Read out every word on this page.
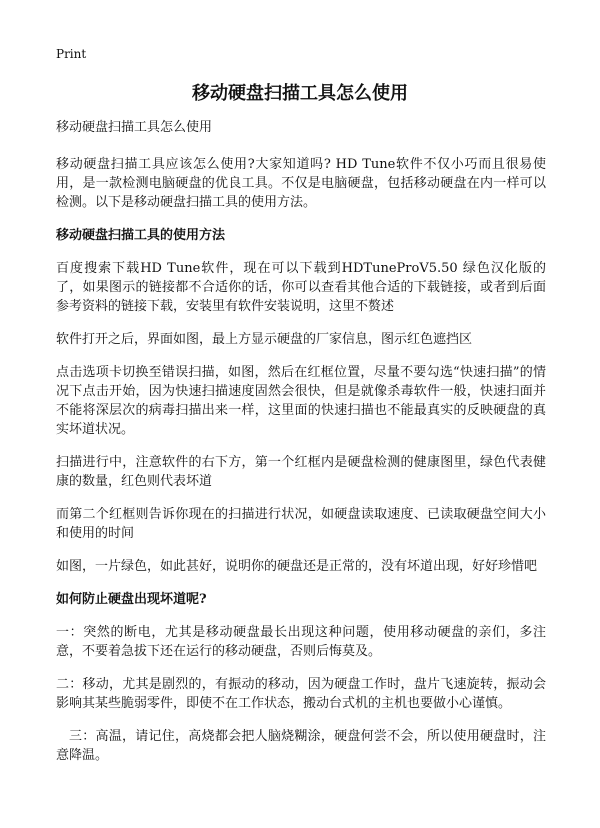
Print
移动硬盘扫描工具怎么使用

移动硬盘扫描工具怎么使用

移动硬盘扫描工具应该怎么使用?大家知道吗? HD Tune软件不仅小巧而且很易使用，是一款检测电脑硬盘的优良工具。不仅是电脑硬盘，包括移动硬盘在内一样可以检测。以下是移动硬盘扫描工具的使用方法。

移动硬盘扫描工具的使用方法

百度搜索下载HD Tune软件，现在可以下载到HDTuneProV5.50 绿色汉化版的了，如果图示的链接都不合适你的话，你可以查看其他合适的下载链接，或者到后面参考资料的链接下载，安装里有软件安装说明，这里不赘述

软件打开之后，界面如图，最上方显示硬盘的厂家信息，图示红色遮挡区

点击选项卡切换至错误扫描，如图，然后在红框位置，尽量不要勾选“快速扫描”的情况下点击开始，因为快速扫描速度固然会很快，但是就像杀毒软件一般，快速扫面并不能将深层次的病毒扫描出来一样，这里面的快速扫描也不能最真实的反映硬盘的真实坏道状况。

扫描进行中，注意软件的右下方，第一个红框内是硬盘检测的健康图里，绿色代表健康的数量，红色则代表坏道

而第二个红框则告诉你现在的扫描进行状况，如硬盘读取速度、已读取硬盘空间大小和使用的时间

如图，一片绿色，如此甚好，说明你的硬盘还是正常的，没有坏道出现，好好珍惜吧

如何防止硬盘出现坏道呢?

一：突然的断电，尤其是移动硬盘最长出现这种问题，使用移动硬盘的亲们，多注意，不要着急拔下还在运行的移动硬盘，否则后悔莫及。

二：移动，尤其是剧烈的，有振动的移动，因为硬盘工作时，盘片飞速旋转，振动会影响其某些脆弱零件，即使不在工作状态，搬动台式机的主机也要做小心谨慎。

三：高温，请记住，高烧都会把人脑烧糊涂，硬盘何尝不会，所以使用硬盘时，注意降温。
